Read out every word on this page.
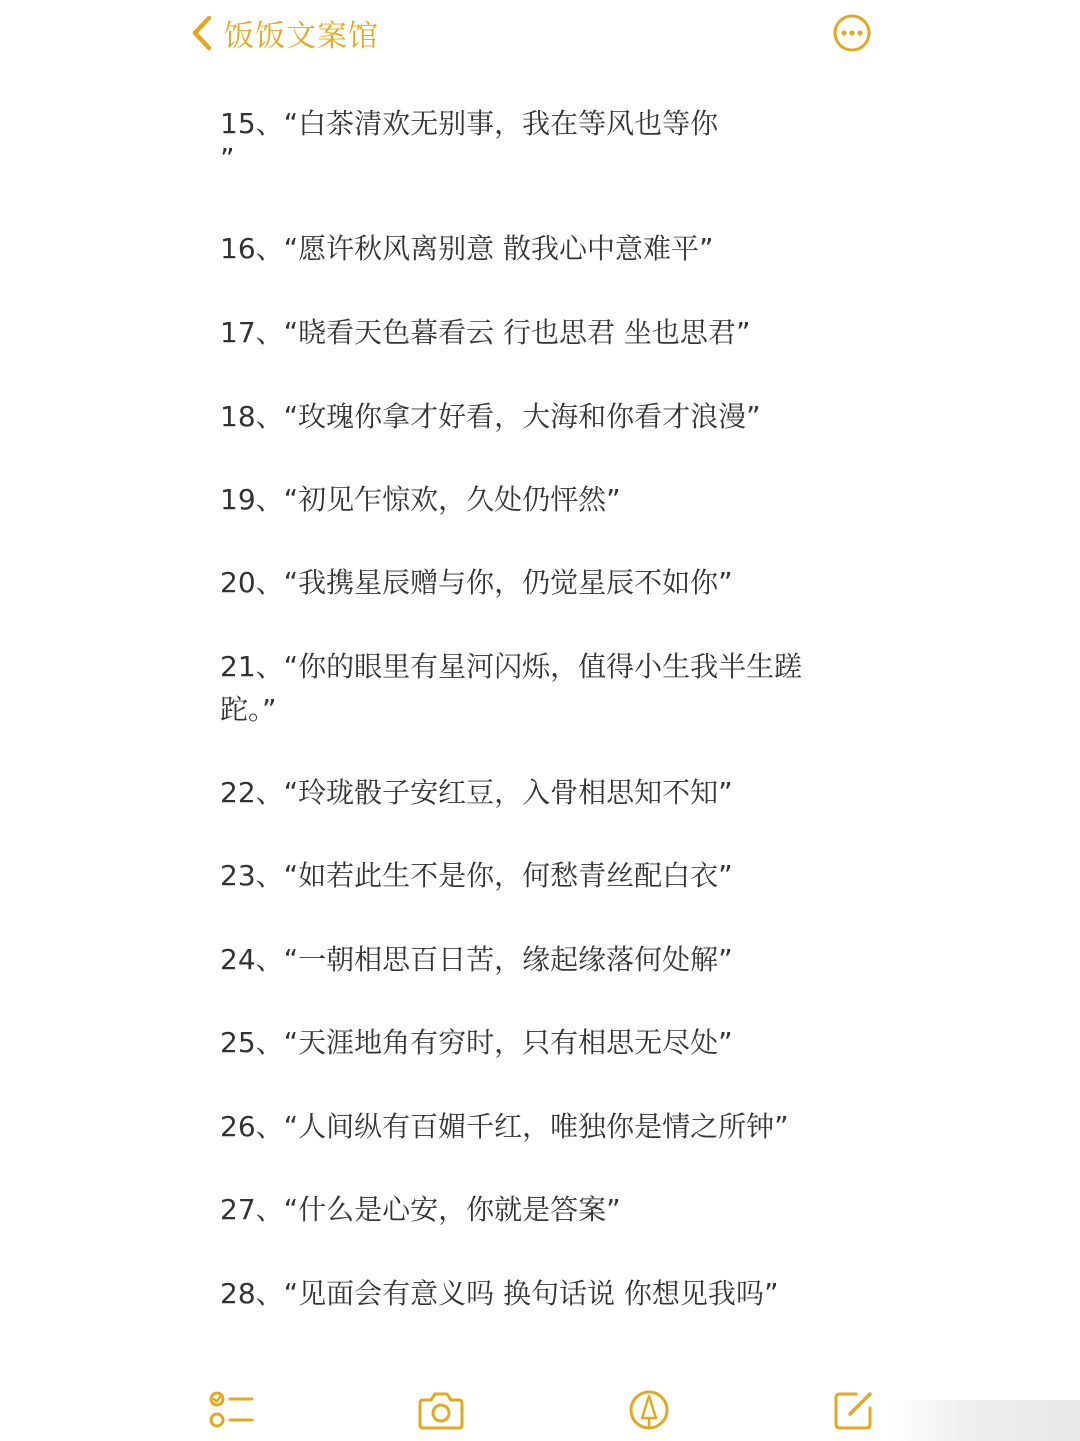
饭饭文案馆
15、“白茶清欢无别事，我在等风也等你
”
16、“愿许秋风离别意 散我心中意难平”
17、“晓看天色暮看云 行也思君 坐也思君”
18、“玫瑰你拿才好看，大海和你看才浪漫”
19、“初见乍惊欢，久处仍怦然”
20、“我携星辰赠与你，仍觉星辰不如你”
21、“你的眼里有星河闪烁，值得小生我半生蹉
跎。”
22、“玲珑骰子安红豆，入骨相思知不知”
23、“如若此生不是你，何愁青丝配白衣”
24、“一朝相思百日苦，缘起缘落何处解”
25、“天涯地角有穷时，只有相思无尽处”
26、“人间纵有百媚千红，唯独你是情之所钟”
27、“什么是心安，你就是答案”
28、“见面会有意义吗 换句话说 你想见我吗”
